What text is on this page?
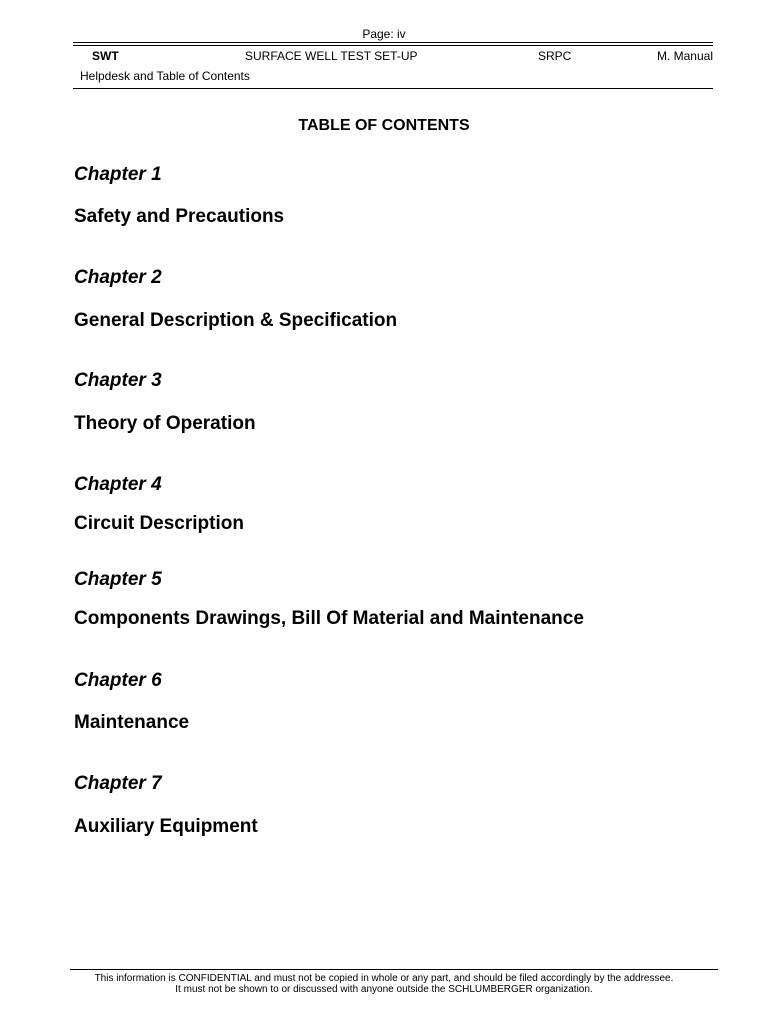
Page: iv
SWT	SURFACE WELL TEST SET-UP	SRPC	M. Manual
Helpdesk and Table of Contents
TABLE OF CONTENTS
Chapter 1
Safety and Precautions
Chapter 2
General Description & Specification
Chapter 3
Theory of Operation
Chapter 4
Circuit Description
Chapter 5
Components Drawings, Bill Of Material and Maintenance
Chapter 6
Maintenance
Chapter 7
Auxiliary Equipment
This information is CONFIDENTIAL and must not be copied in whole or any part, and should be filed accordingly by the addressee.
It must not be shown to or discussed with anyone outside the SCHLUMBERGER organization.
